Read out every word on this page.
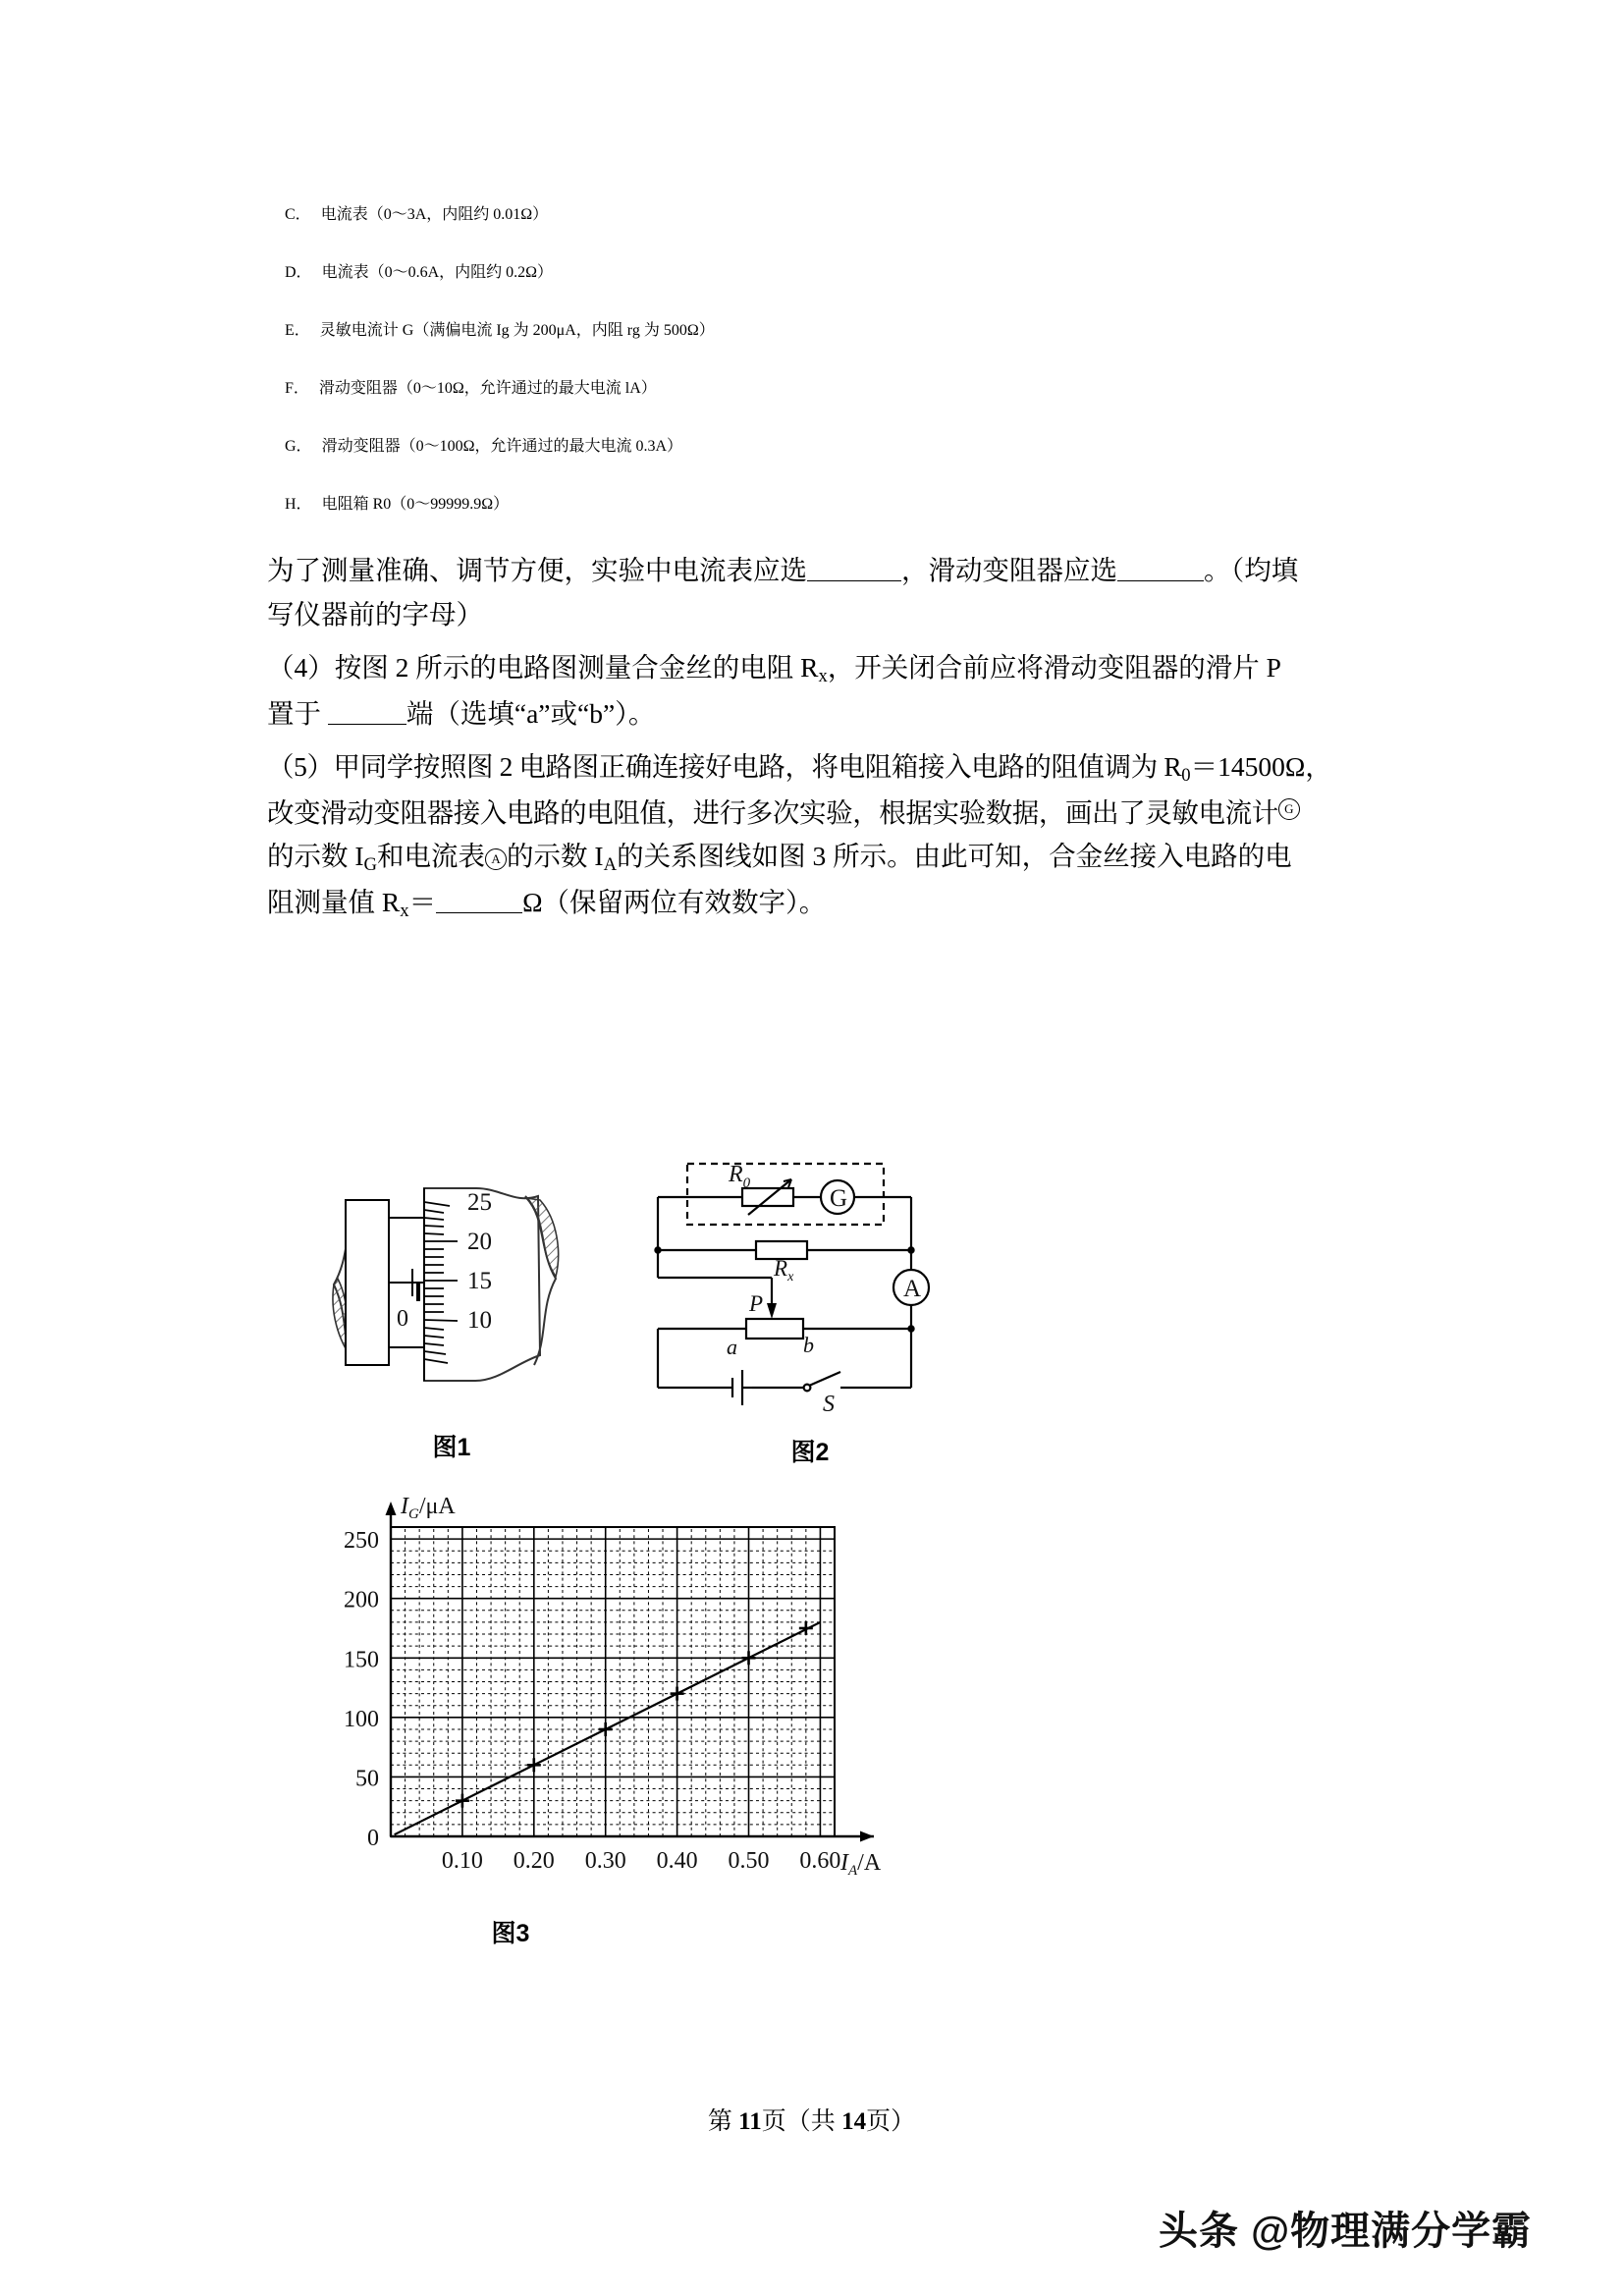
C． 电流表（0～3A，内阻约 0.01Ω）
D． 电流表（0～0.6A，内阻约 0.2Ω）
E． 灵敏电流计 G（满偏电流 Ig 为 200μA，内阻 rg 为 500Ω）
F． 滑动变阻器（0～10Ω，允许通过的最大电流 lA）
G． 滑动变阻器（0～100Ω，允许通过的最大电流 0.3A）
H． 电阻箱 R0（0～99999.9Ω）
为了测量准确、调节方便，实验中电流表应选	，滑动变阻器应选	。（均填
写仪器前的字母）
（4）按图 2 所示的电路图测量合金丝的电阻 $R_x$，开关闭合前应将滑动变阻器的滑片 P
置于	端（选填“a”或“b”）。
（5）甲同学按照图 2 电路图正确连接好电路，将电阻箱接入电路的阻值调为 $R_0=14500\Omega$，
改变滑动变阻器接入电路的电阻值，进行多次实验，根据实验数据，画出了灵敏电流计 G
的示数 $I_G$和电流表 A 的示数 $I_A$的关系图线如图 3 所示。由此可知，合金丝接入电路的电
阻测量值 $R_x=$	Ω（保留两位有效数字）。
25
20
15
10
0
图1
$R_0$
G
$R_x$
P
a	b
A
S
图2
0.10 0.20 0.30 0.40 0.50 0.60
0
50
100
150
200
250
$I_A/A$
$I_G/\mu A$
图3
第 11页（共 14页）
头条 @物理满分学霸
